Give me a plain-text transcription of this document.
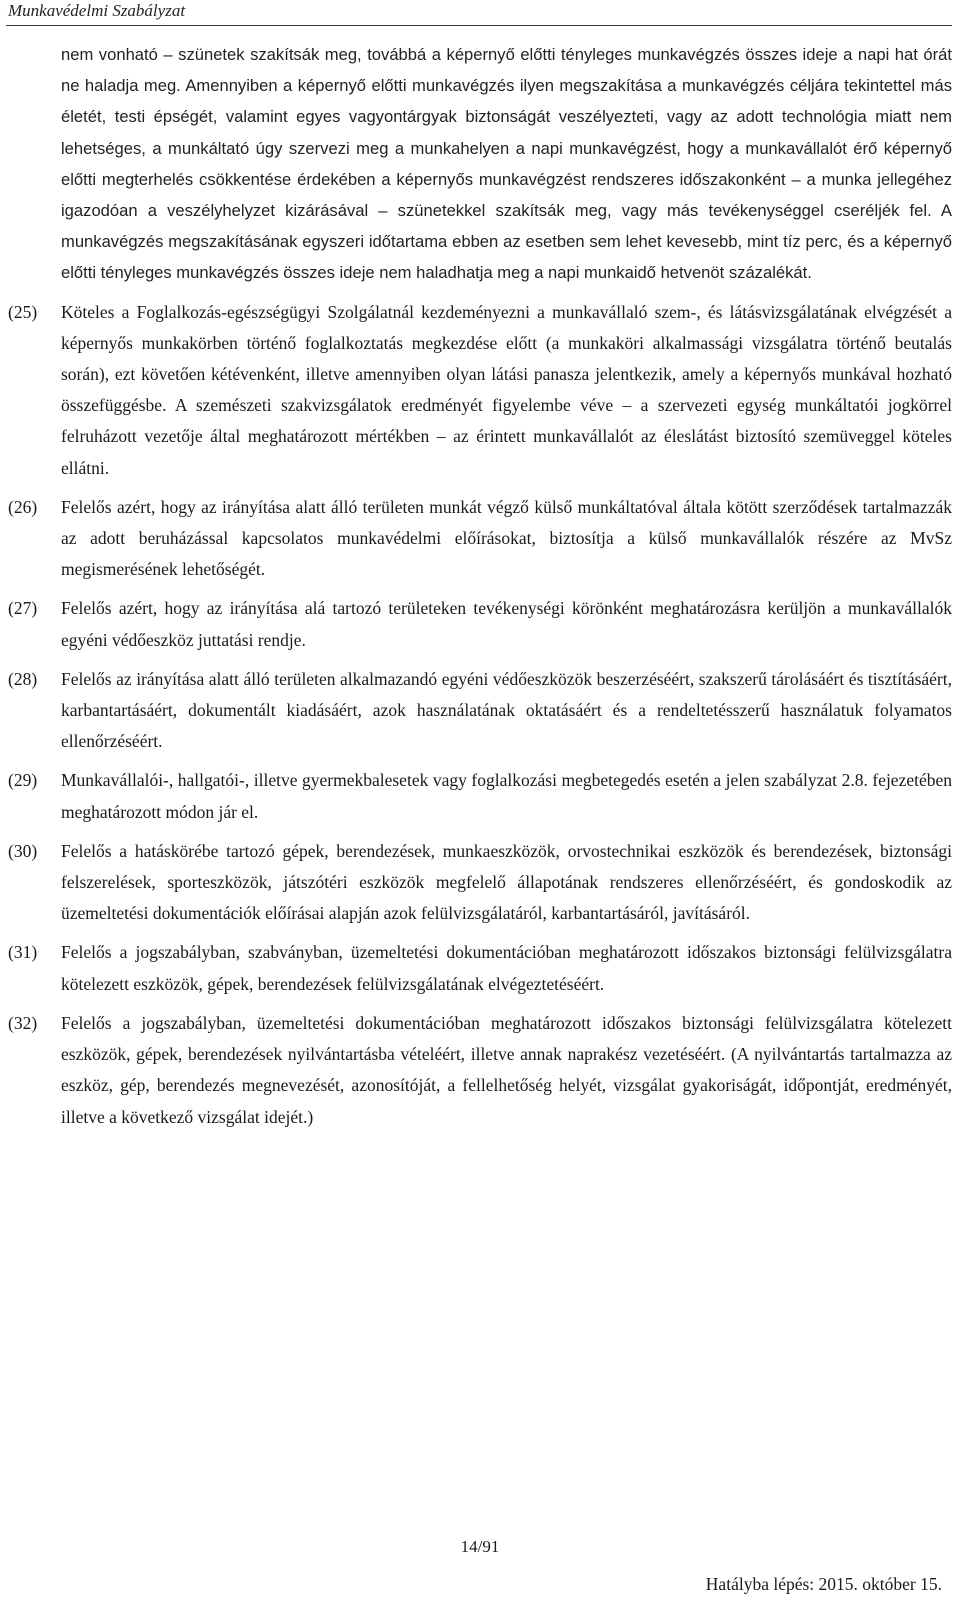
Munkavédelmi Szabályzat

nem vonható – szünetek szakítsák meg, továbbá a képernyő előtti tényleges munkavégzés összes ideje a napi hat órát ne haladja meg. Amennyiben a képernyő előtti munkavégzés ilyen megszakítása a munkavégzés céljára tekintettel más életét, testi épségét, valamint egyes vagyontárgyak biztonságát veszélyezteti, vagy az adott technológia miatt nem lehetséges, a munkáltató úgy szervezi meg a munkahelyen a napi munkavégzést, hogy a munkavállalót érő képernyő előtti megterhelés csökkentése érdekében a képernyős munkavégzést rendszeres időszakonként – a munka jellegéhez igazodóan a veszélyhelyzet kizárásával – szünetekkel szakítsák meg, vagy más tevékenységgel cseréljék fel. A munkavégzés megszakításának egyszeri időtartama ebben az esetben sem lehet kevesebb, mint tíz perc, és a képernyő előtti tényleges munkavégzés összes ideje nem haladhatja meg a napi munkaidő hetvenöt százalékát.

(25)	Köteles a Foglalkozás-egészségügyi Szolgálatnál kezdeményezni a munkavállaló szem-, és látásvizsgálatának elvégzését a képernyős munkakörben történő foglalkoztatás megkezdése előtt (a munkaköri alkalmassági vizsgálatra történő beutalás során), ezt követően kétévenként, illetve amennyiben olyan látási panasza jelentkezik, amely a képernyős munkával hozható összefüggésbe. A szemészeti szakvizsgálatok eredményét figyelembe véve – a szervezeti egység munkáltatói jogkörrel felruházott vezetője által meghatározott mértékben – az érintett munkavállalót az éleslátást biztosító szemüveggel köteles ellátni.
(26)	Felelős azért, hogy az irányítása alatt álló területen munkát végző külső munkáltatóval általa kötött szerződések tartalmazzák az adott beruházással kapcsolatos munkavédelmi előírásokat, biztosítja a külső munkavállalók részére az MvSz megismerésének lehetőségét.
(27)	Felelős azért, hogy az irányítása alá tartozó területeken tevékenységi körönként meghatározásra kerüljön a munkavállalók egyéni védőeszköz juttatási rendje.
(28)	Felelős az irányítása alatt álló területen alkalmazandó egyéni védőeszközök beszerzéséért, szakszerű tárolásáért és tisztításáért, karbantartásáért, dokumentált kiadásáért, azok használatának oktatásáért és a rendeltetésszerű használatuk folyamatos ellenőrzéséért.
(29)	Munkavállalói-, hallgatói-, illetve gyermekbalesetek vagy foglalkozási megbetegedés esetén a jelen szabályzat 2.8. fejezetében meghatározott módon jár el.
(30)	Felelős a hatáskörébe tartozó gépek, berendezések, munkaeszközök, orvostechnikai eszközök és berendezések, biztonsági felszerelések, sporteszközök, játszótéri eszközök megfelelő állapotának rendszeres ellenőrzéséért, és gondoskodik az üzemeltetési dokumentációk előírásai alapján azok felülvizsgálatáról, karbantartásáról, javításáról.
(31)	Felelős a jogszabályban, szabványban, üzemeltetési dokumentációban meghatározott időszakos biztonsági felülvizsgálatra kötelezett eszközök, gépek, berendezések felülvizsgálatának elvégeztetéséért.
(32)	Felelős a jogszabályban, üzemeltetési dokumentációban meghatározott időszakos biztonsági felülvizsgálatra kötelezett eszközök, gépek, berendezések nyilvántartásba vételéért, illetve annak naprakész vezetéséért. (A nyilvántartás tartalmazza az eszköz, gép, berendezés megnevezését, azonosítóját, a fellelhetőség helyét, vizsgálat gyakoriságát, időpontját, eredményét, illetve a következő vizsgálat idejét.)
14/91
Hatályba lépés: 2015. október 15.
